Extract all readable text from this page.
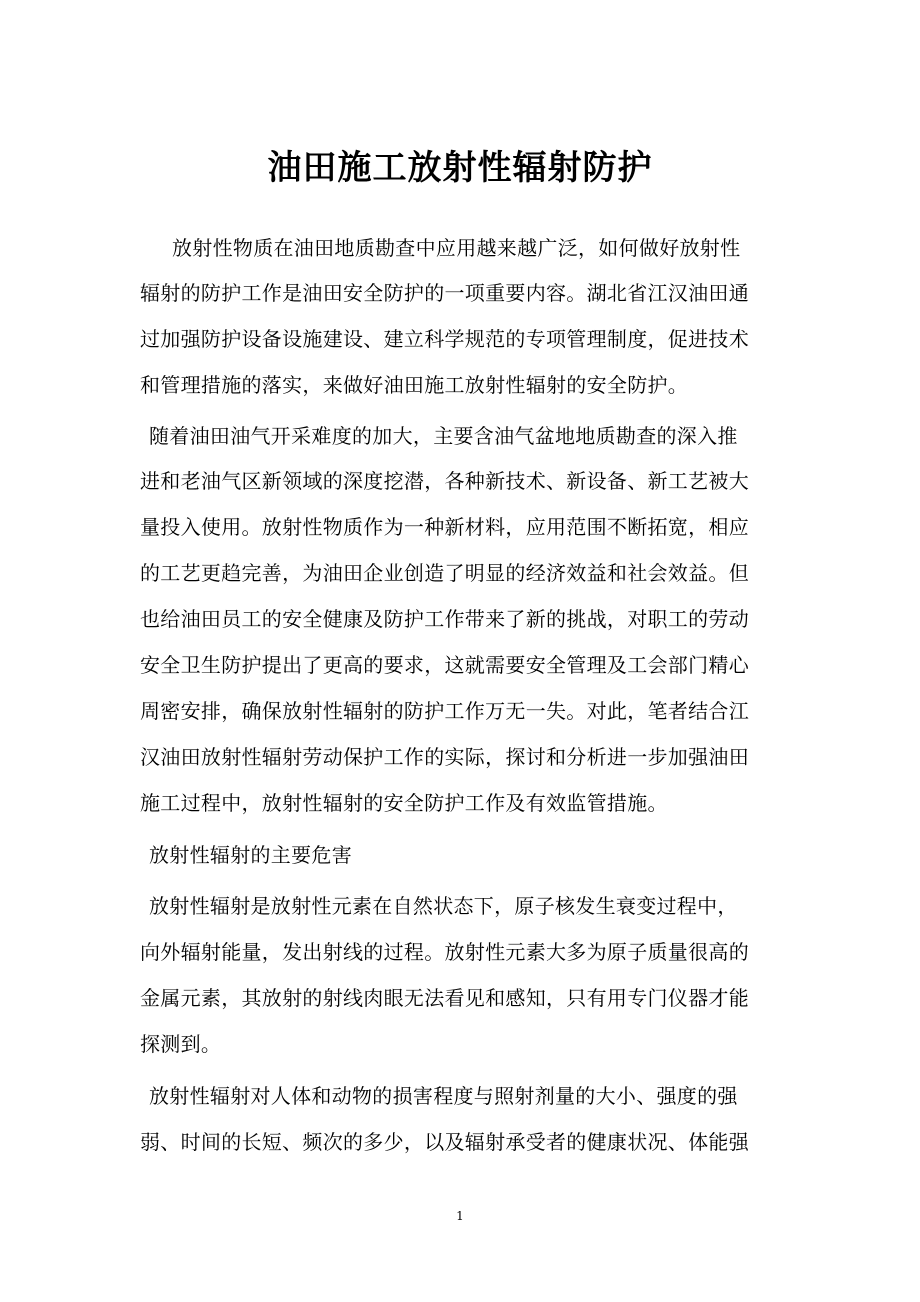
油田施工放射性辐射防护
放射性物质在油田地质勘查中应用越来越广泛，如何做好放射性
辐射的防护工作是油田安全防护的一项重要内容。湖北省江汉油田通
过加强防护设备设施建设、建立科学规范的专项管理制度，促进技术
和管理措施的落实，来做好油田施工放射性辐射的安全防护。
随着油田油气开采难度的加大，主要含油气盆地地质勘查的深入推
进和老油气区新领域的深度挖潜，各种新技术、新设备、新工艺被大
量投入使用。放射性物质作为一种新材料，应用范围不断拓宽，相应
的工艺更趋完善，为油田企业创造了明显的经济效益和社会效益。但
也给油田员工的安全健康及防护工作带来了新的挑战，对职工的劳动
安全卫生防护提出了更高的要求，这就需要安全管理及工会部门精心
周密安排，确保放射性辐射的防护工作万无一失。对此，笔者结合江
汉油田放射性辐射劳动保护工作的实际，探讨和分析进一步加强油田
施工过程中，放射性辐射的安全防护工作及有效监管措施。
放射性辐射的主要危害
放射性辐射是放射性元素在自然状态下，原子核发生衰变过程中，
向外辐射能量，发出射线的过程。放射性元素大多为原子质量很高的
金属元素，其放射的射线肉眼无法看见和感知，只有用专门仪器才能
探测到。
放射性辐射对人体和动物的损害程度与照射剂量的大小、强度的强
弱、时间的长短、频次的多少，以及辐射承受者的健康状况、体能强
1
